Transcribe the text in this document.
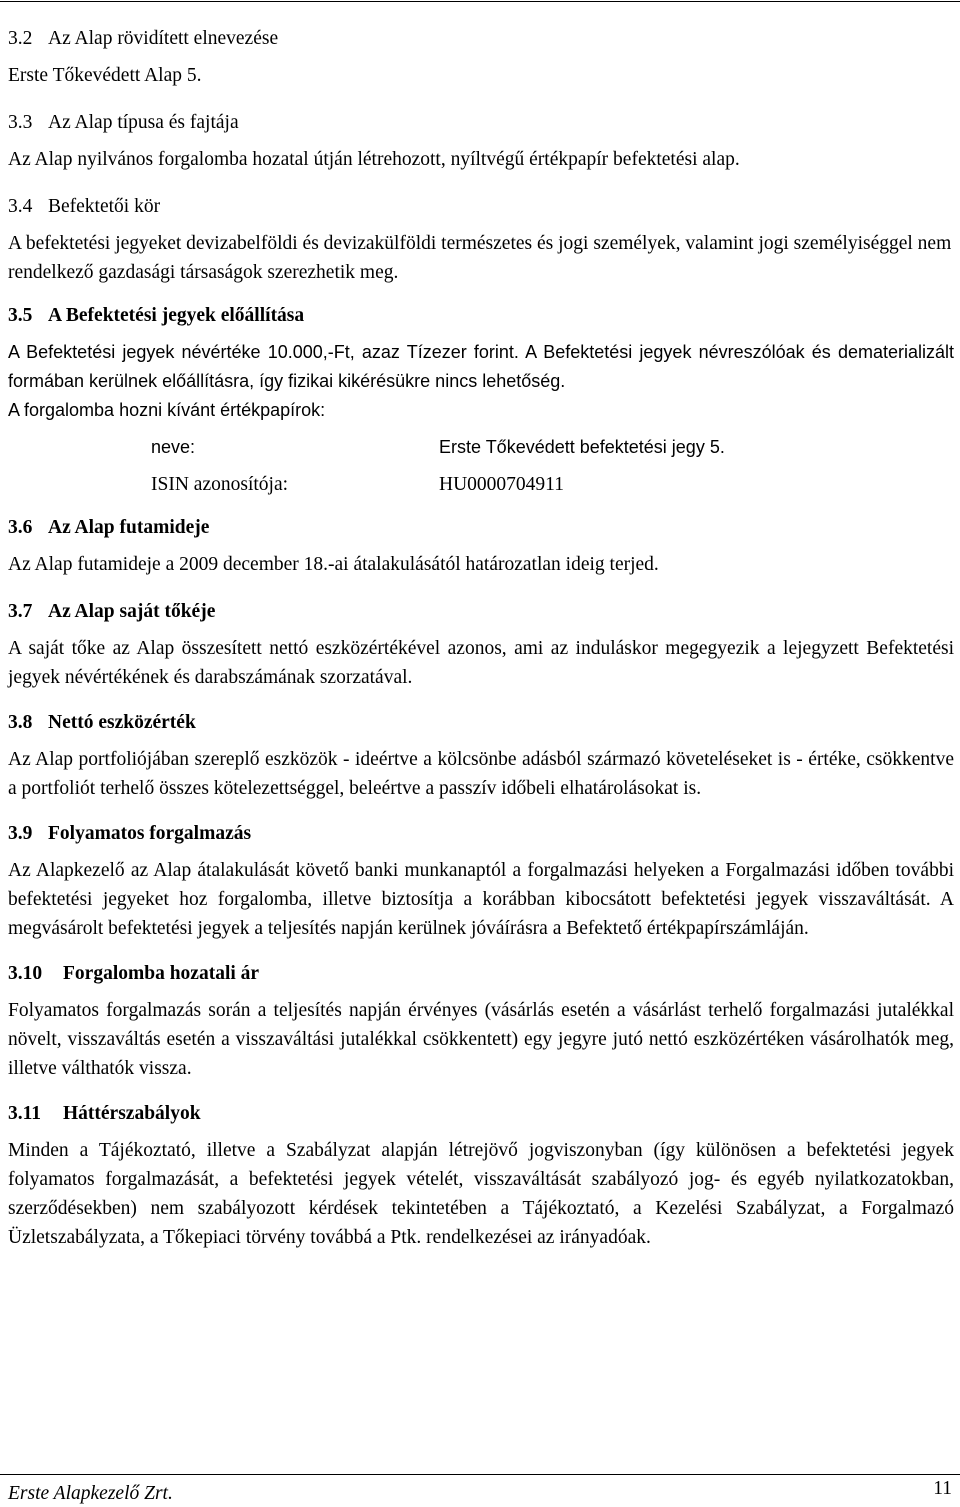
3.2 Az Alap rövidített elnevezése

Erste Tőkevédett Alap 5.

3.3 Az Alap típusa és fajtája

Az Alap nyilvános forgalomba hozatal útján létrehozott, nyíltvégű értékpapír befektetési alap.

3.4 Befektetői kör

A befektetési jegyeket devizabelföldi és devizakülföldi természetes és jogi személyek, valamint jogi személyiséggel nem rendelkező gazdasági társaságok szerezhetik meg.

3.5 A Befektetési jegyek előállítása

A Befektetési jegyek névértéke 10.000,-Ft, azaz Tízezer forint. A Befektetési jegyek névreszólóak és dematerializált formában kerülnek előállításra, így fizikai kikérésükre nincs lehetőség.

A forgalomba hozni kívánt értékpapírok:

neve:	Erste Tőkevédett befektetési jegy 5.
ISIN azonosítója:	HU0000704911
3.6 Az Alap futamideje

Az Alap futamideje a 2009 december 18.-ai átalakulásától határozatlan ideig terjed.

3.7 Az Alap saját tőkéje

A saját tőke az Alap összesített nettó eszközértékével azonos, ami az induláskor megegyezik a lejegyzett Befektetési jegyek névértékének és darabszámának szorzatával.

3.8 Nettó eszközérték

Az Alap portfoliójában szereplő eszközök - ideértve a kölcsönbe adásból származó követeléseket is - értéke, csökkentve a portfoliót terhelő összes kötelezettséggel, beleértve a passzív időbeli elhatárolásokat is.

3.9 Folyamatos forgalmazás

Az Alapkezelő az Alap átalakulását követő banki munkanaptól a forgalmazási helyeken a Forgalmazási időben további befektetési jegyeket hoz forgalomba, illetve biztosítja a korábban kibocsátott befektetési jegyek visszaváltását. A megvásárolt befektetési jegyek a teljesítés napján kerülnek jóváírásra a Befektető értékpapírszámláján.

3.10 Forgalomba hozatali ár

Folyamatos forgalmazás során a teljesítés napján érvényes (vásárlás esetén a vásárlást terhelő forgalmazási jutalékkal növelt, visszaváltás esetén a visszaváltási jutalékkal csökkentett) egy jegyre jutó nettó eszközértéken vásárolhatók meg, illetve válthatók vissza.

3.11 Háttérszabályok

Minden a Tájékoztató, illetve a Szabályzat alapján létrejövő jogviszonyban (így különösen a befektetési jegyek folyamatos forgalmazását, a befektetési jegyek vételét, visszaváltását szabályozó jog- és egyéb nyilatkozatokban, szerződésekben) nem szabályozott kérdések tekintetében a Tájékoztató, a Kezelési Szabályzat, a Forgalmazó Üzletszabályzata, a Tőkepiaci törvény továbbá a Ptk. rendelkezései az irányadóak.

Erste Alapkezelő Zrt.	11
